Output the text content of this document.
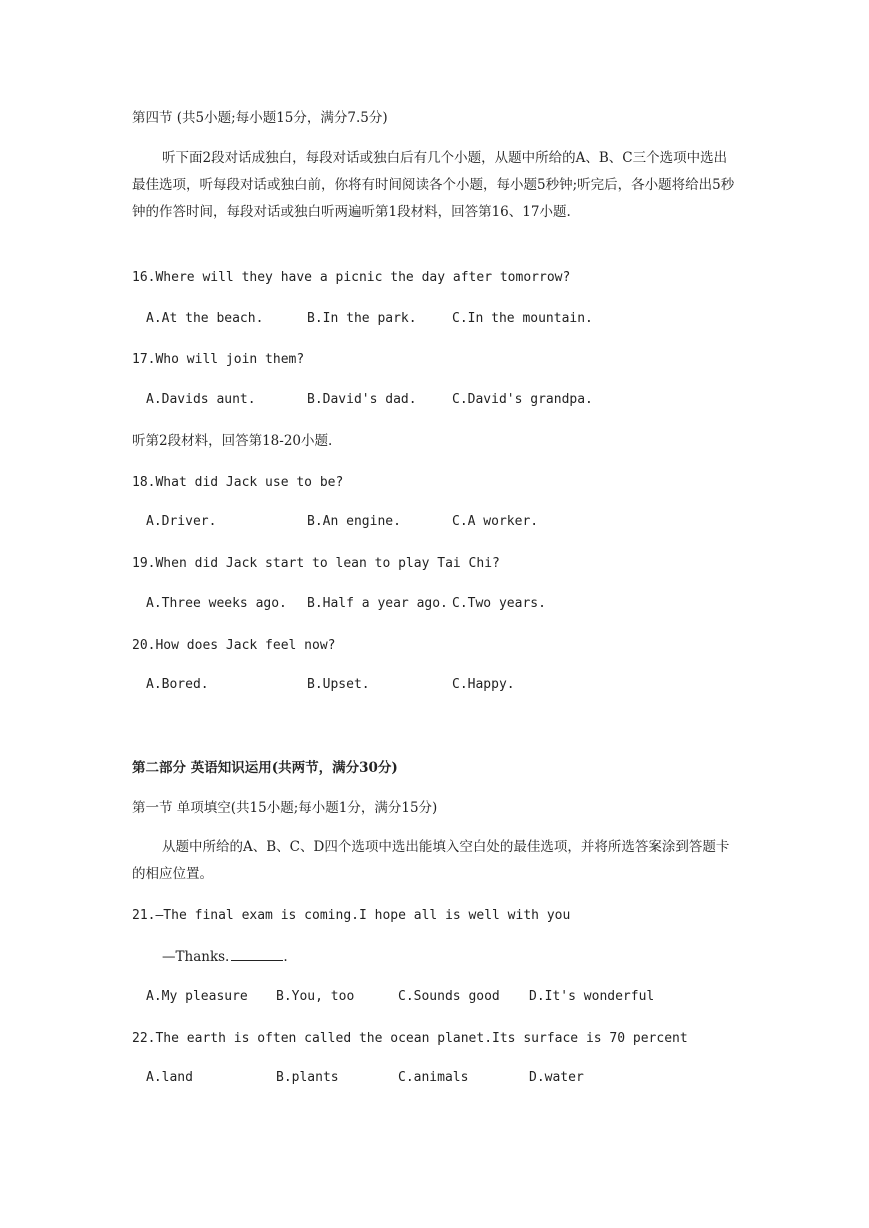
第四节 (共5小题;每小题15分，满分7.5分)
听下面2段对话成独白，每段对话或独白后有几个小题，从题中所给的A、B、C三个选项中选出最佳选项，听每段对话或独白前，你将有时间阅读各个小题，每小题5秒钟;听完后，各小题将给出5秒钟的作答时间，每段对话或独白听两遍听第1段材料，回答第16、17小题.
16.Where will they have a picnic the day after tomorrow?
A.At the beach.	B.In the park.	C.In the mountain.
17.Who will join them?
A.Davids aunt.	B.David's dad.	C.David's grandpa.
听第2段材料，回答第18-20小题.
18.What did Jack use to be?
A.Driver.	B.An engine.	C.A worker.
19.When did Jack start to lean to play Tai Chi?
A.Three weeks ago. B.Half a year ago. C.Two years.
20.How does Jack feel now?
A.Bored.	B.Upset.	C.Happy.
第二部分 英语知识运用(共两节，满分30分)
第一节 单项填空(共15小题;每小题1分，满分15分)
从题中所给的A、B、C、D四个选项中选出能填入空白处的最佳选项，并将所选答案涂到答题卡的相应位置。
21.—The final exam is coming.I hope all is well with you
—Thanks.	.
A.My pleasure B.You, too	C.Sounds good D.It's wonderful
22.The earth is often called the ocean planet.Its surface is 70 percent
A.land	B.plants	C.animals	D.water
